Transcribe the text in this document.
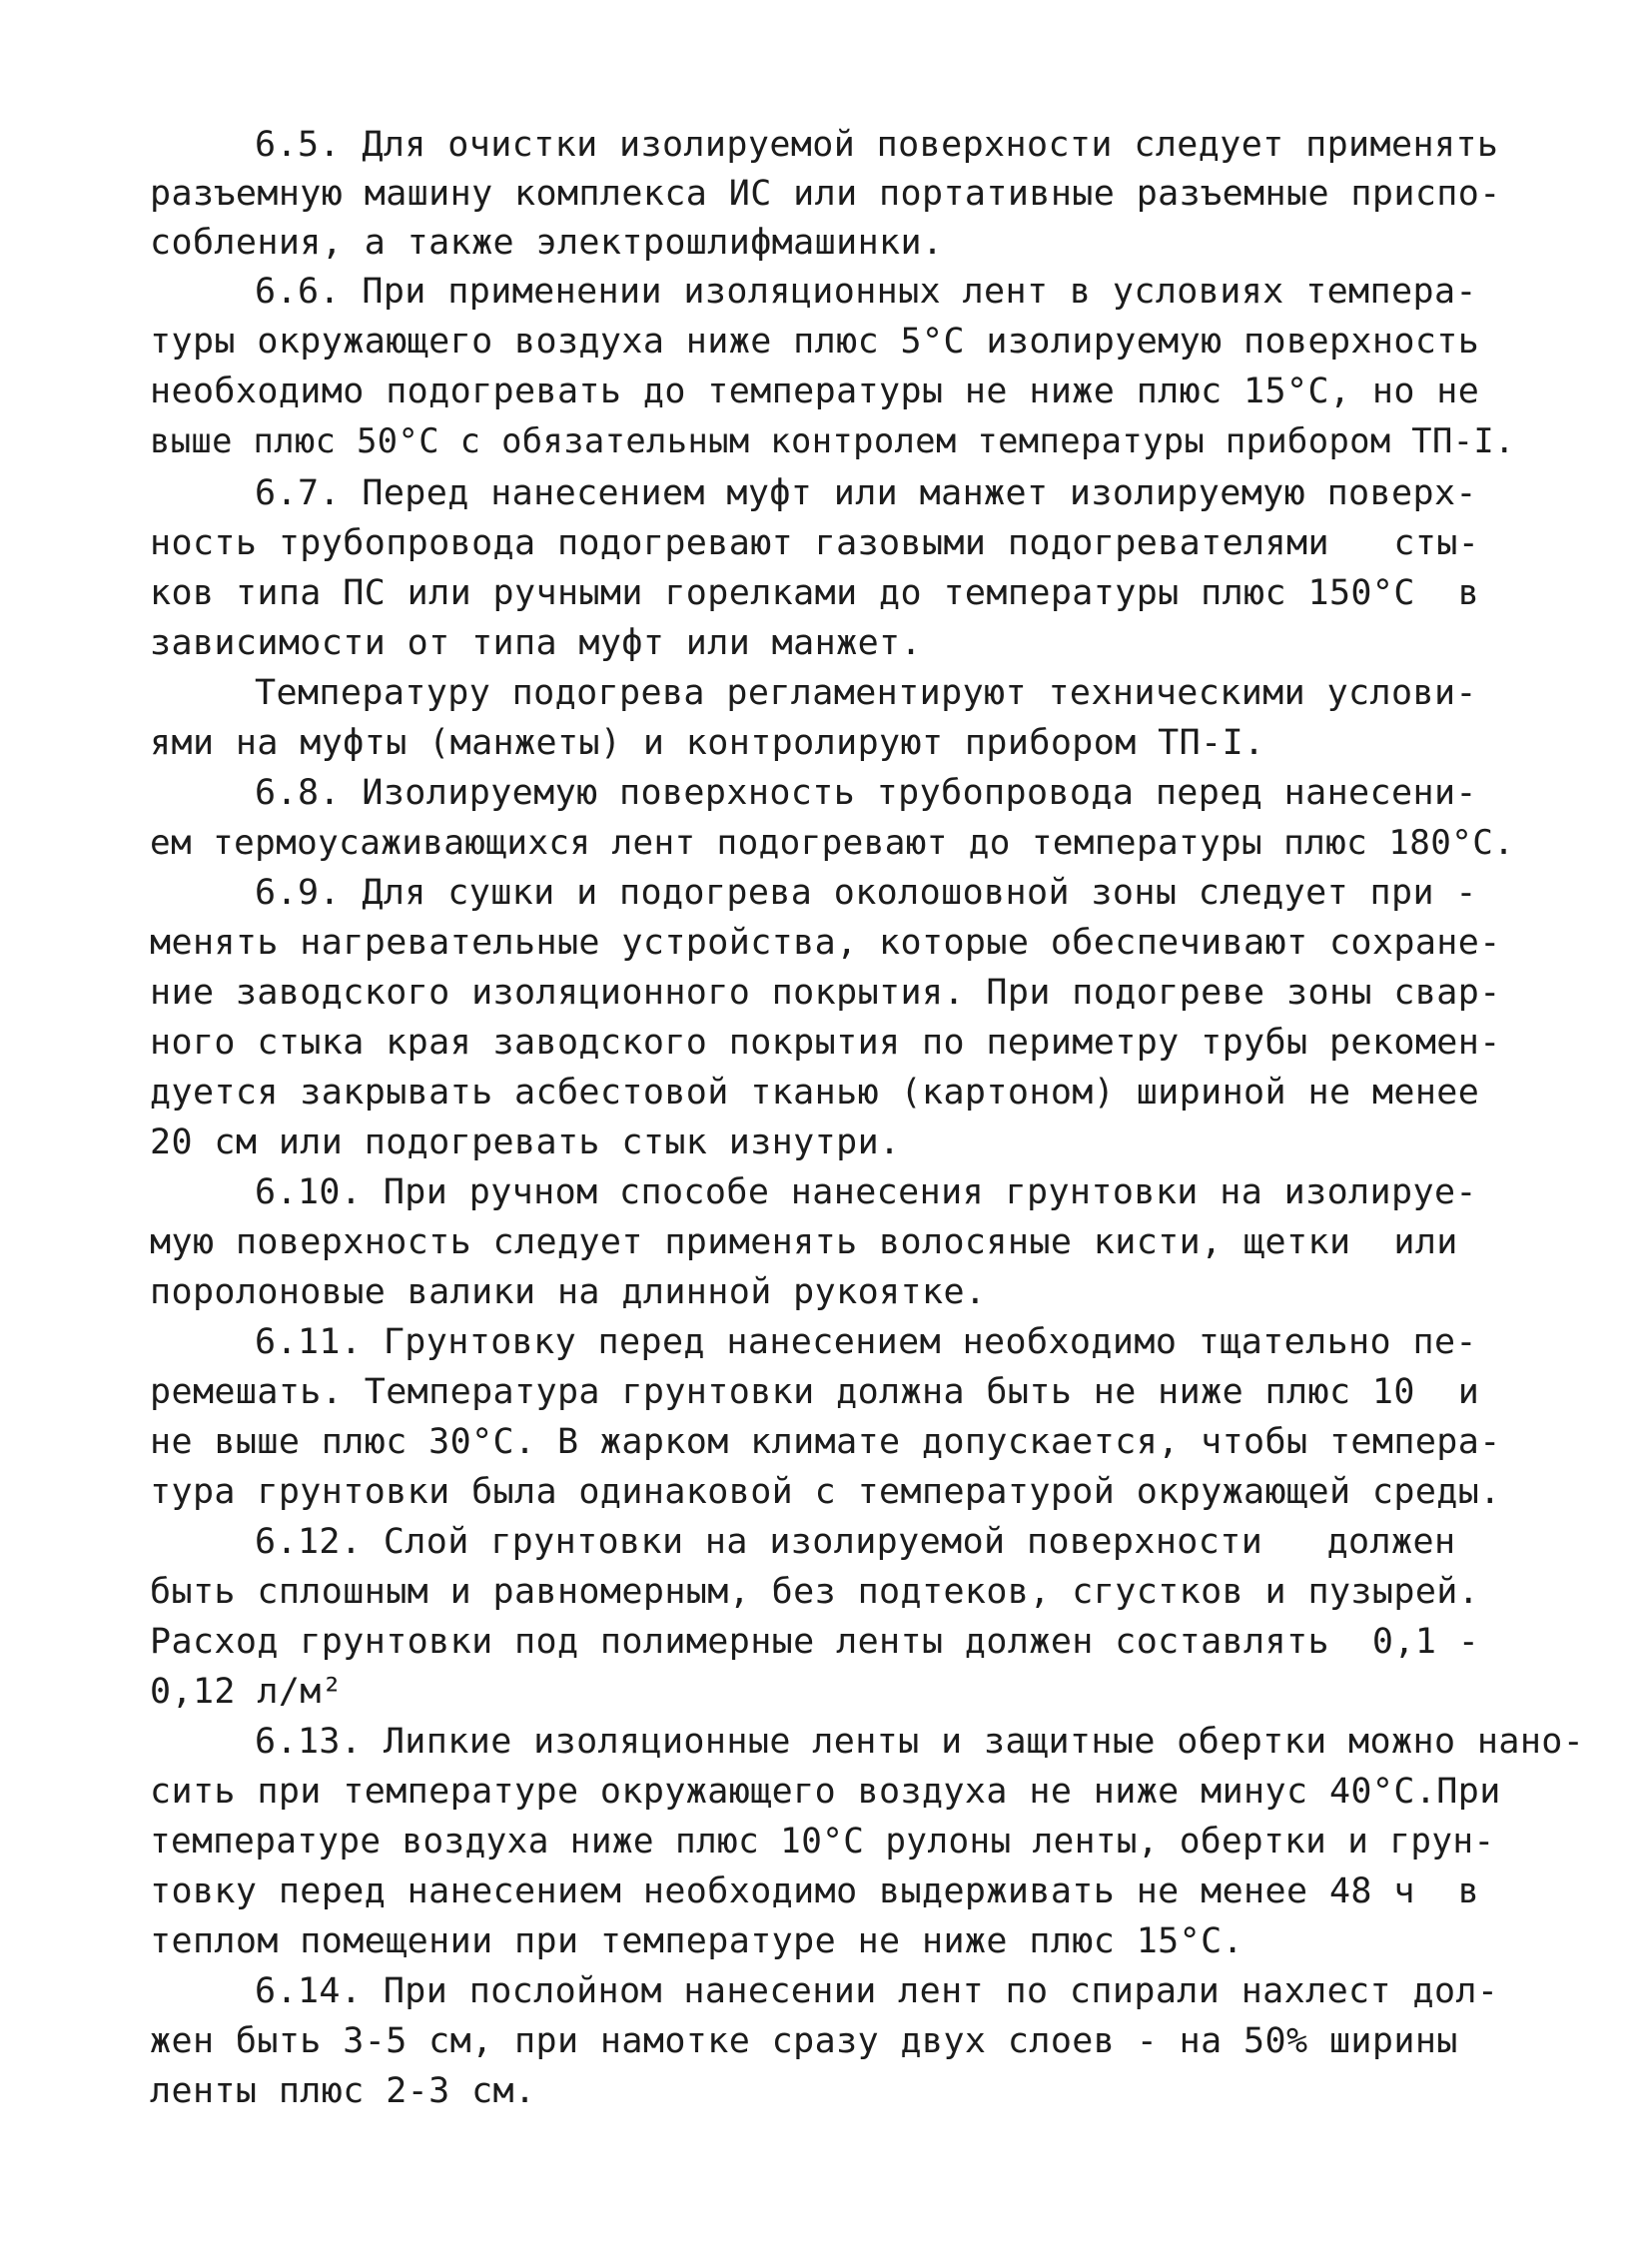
6.5. Для очистки изолируемой поверхности следует применять
разъемную машину комплекса ИС или портативные разъемные приспо-
собления, а также электрошлифмашинки.
6.6. При применении изоляционных лент в условиях темпера-
туры окружающего воздуха ниже плюс 5°С изолируемую поверхность
необходимо подогревать до температуры не ниже плюс 15°С, но не
выше плюс 50°С с обязательным контролем температуры прибором ТП-I.
6.7. Перед нанесением муфт или манжет изолируемую поверх-
ность трубопровода подогревают газовыми подогревателями   сты-
ков типа ПС или ручными горелками до температуры плюс 150°С  в
зависимости от типа муфт или манжет.
Температуру подогрева регламентируют техническими услови-
ями на муфты (манжеты) и контролируют прибором ТП-I.
6.8. Изолируемую поверхность трубопровода перед нанесени-
ем термоусаживающихся лент подогревают до температуры плюс 180°С.
6.9. Для сушки и подогрева околошовной зоны следует при -
менять нагревательные устройства, которые обеспечивают сохране-
ние заводского изоляционного покрытия. При подогреве зоны свар-
ного стыка края заводского покрытия по периметру трубы рекомен-
дуется закрывать асбестовой тканью (картоном) шириной не менее
20 см или подогревать стык изнутри.
6.10. При ручном способе нанесения грунтовки на изолируе-
мую поверхность следует применять волосяные кисти, щетки  или
поролоновые валики на длинной рукоятке.
6.11. Грунтовку перед нанесением необходимо тщательно пе-
ремешать. Температура грунтовки должна быть не ниже плюс 10  и
не выше плюс 30°С. В жарком климате допускается, чтобы темпера-
тура грунтовки была одинаковой с температурой окружающей среды.
6.12. Слой грунтовки на изолируемой поверхности   должен
быть сплошным и равномерным, без подтеков, сгустков и пузырей.
Расход грунтовки под полимерные ленты должен составлять  0,1 -
0,12 л/м²
6.13. Липкие изоляционные ленты и защитные обертки можно нано-
сить при температуре окружающего воздуха не ниже минус 40°С.При
температуре воздуха ниже плюс 10°С рулоны ленты, обертки и грун-
товку перед нанесением необходимо выдерживать не менее 48 ч  в
теплом помещении при температуре не ниже плюс 15°С.
6.14. При послойном нанесении лент по спирали нахлест дол-
жен быть 3-5 см, при намотке сразу двух слоев - на 50% ширины
ленты плюс 2-3 см.
